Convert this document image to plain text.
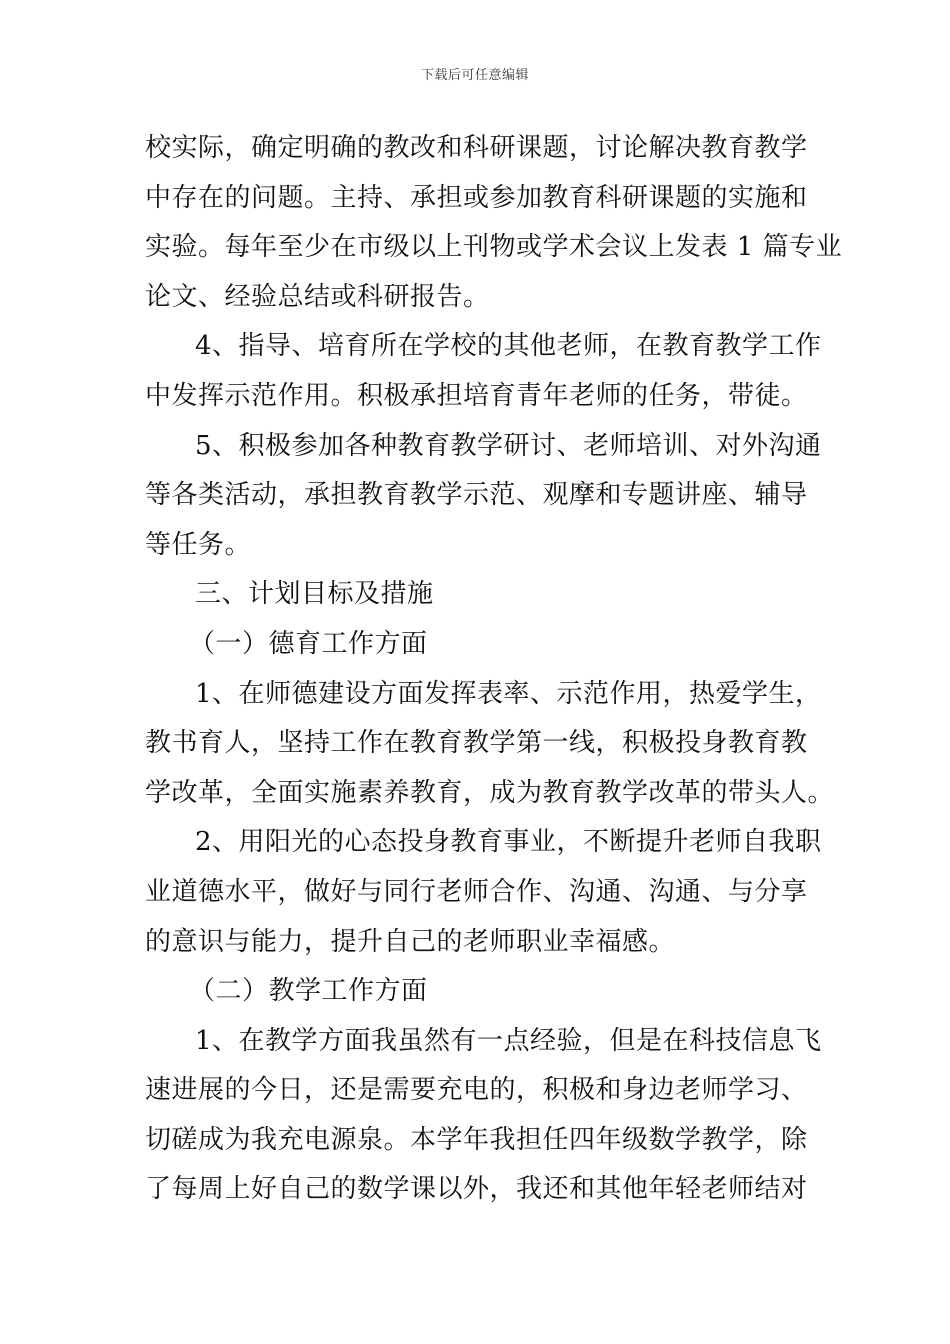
下载后可任意编辑

校实际，确定明确的教改和科研课题，讨论解决教育教学
中存在的问题。主持、承担或参加教育科研课题的实施和
实验。每年至少在市级以上刊物或学术会议上发表 1 篇专业
论文、经验总结或科研报告。

4、指导、培育所在学校的其他老师，在教育教学工作
中发挥示范作用。积极承担培育青年老师的任务，带徒。

5、积极参加各种教育教学研讨、老师培训、对外沟通
等各类活动，承担教育教学示范、观摩和专题讲座、辅导
等任务。

三、计划目标及措施

（一）德育工作方面

1、在师德建设方面发挥表率、示范作用，热爱学生，
教书育人，坚持工作在教育教学第一线，积极投身教育教
学改革，全面实施素养教育，成为教育教学改革的带头人。

2、用阳光的心态投身教育事业，不断提升老师自我职
业道德水平，做好与同行老师合作、沟通、沟通、与分享
的意识与能力，提升自己的老师职业幸福感。

（二）教学工作方面

1、在教学方面我虽然有一点经验，但是在科技信息飞
速进展的今日，还是需要充电的，积极和身边老师学习、
切磋成为我充电源泉。本学年我担任四年级数学教学，除
了每周上好自己的数学课以外，我还和其他年轻老师结对
